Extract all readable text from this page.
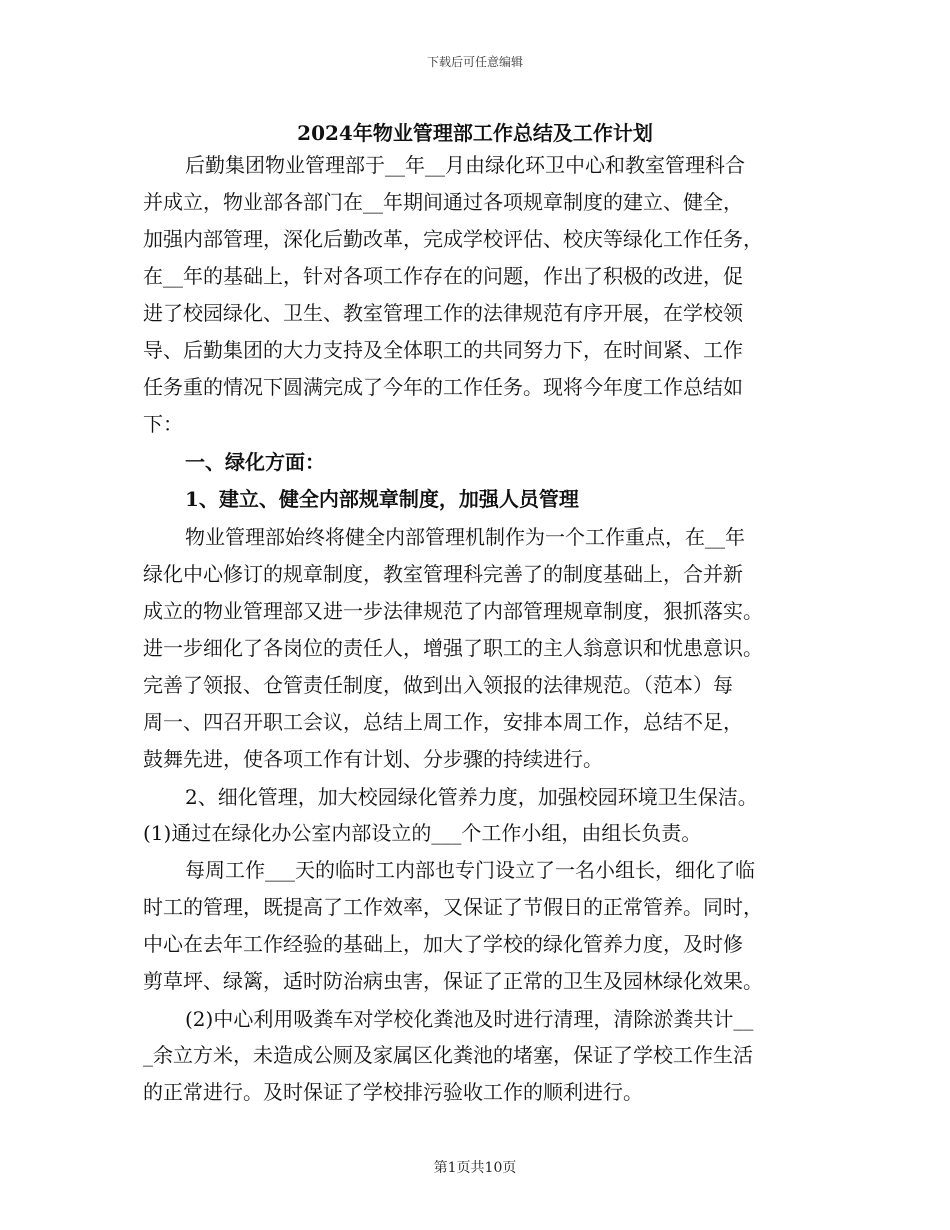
下载后可任意编辑
2024年物业管理部工作总结及工作计划
后勤集团物业管理部于__年__月由绿化环卫中心和教室管理科合
并成立，物业部各部门在__年期间通过各项规章制度的建立、健全，
加强内部管理，深化后勤改革，完成学校评估、校庆等绿化工作任务，
在__年的基础上，针对各项工作存在的问题，作出了积极的改进，促
进了校园绿化、卫生、教室管理工作的法律规范有序开展，在学校领
导、后勤集团的大力支持及全体职工的共同努力下，在时间紧、工作
任务重的情况下圆满完成了今年的工作任务。现将今年度工作总结如
下：
一、绿化方面：
1、建立、健全内部规章制度，加强人员管理
物业管理部始终将健全内部管理机制作为一个工作重点，在__年
绿化中心修订的规章制度，教室管理科完善了的制度基础上，合并新
成立的物业管理部又进一步法律规范了内部管理规章制度，狠抓落实。
进一步细化了各岗位的责任人，增强了职工的主人翁意识和忧患意识。
完善了领报、仓管责任制度，做到出入领报的法律规范。（范本）每
周一、四召开职工会议，总结上周工作，安排本周工作，总结不足，
鼓舞先进，使各项工作有计划、分步骤的持续进行。
2、细化管理，加大校园绿化管养力度，加强校园环境卫生保洁。
(1)通过在绿化办公室内部设立的___个工作小组，由组长负责。
每周工作___天的临时工内部也专门设立了一名小组长，细化了临
时工的管理，既提高了工作效率，又保证了节假日的正常管养。同时，
中心在去年工作经验的基础上，加大了学校的绿化管养力度，及时修
剪草坪、绿篱，适时防治病虫害，保证了正常的卫生及园林绿化效果。
(2)中心利用吸粪车对学校化粪池及时进行清理，清除淤粪共计__
_余立方米，未造成公厕及家属区化粪池的堵塞，保证了学校工作生活
的正常进行。及时保证了学校排污验收工作的顺利进行。
第1页共10页
